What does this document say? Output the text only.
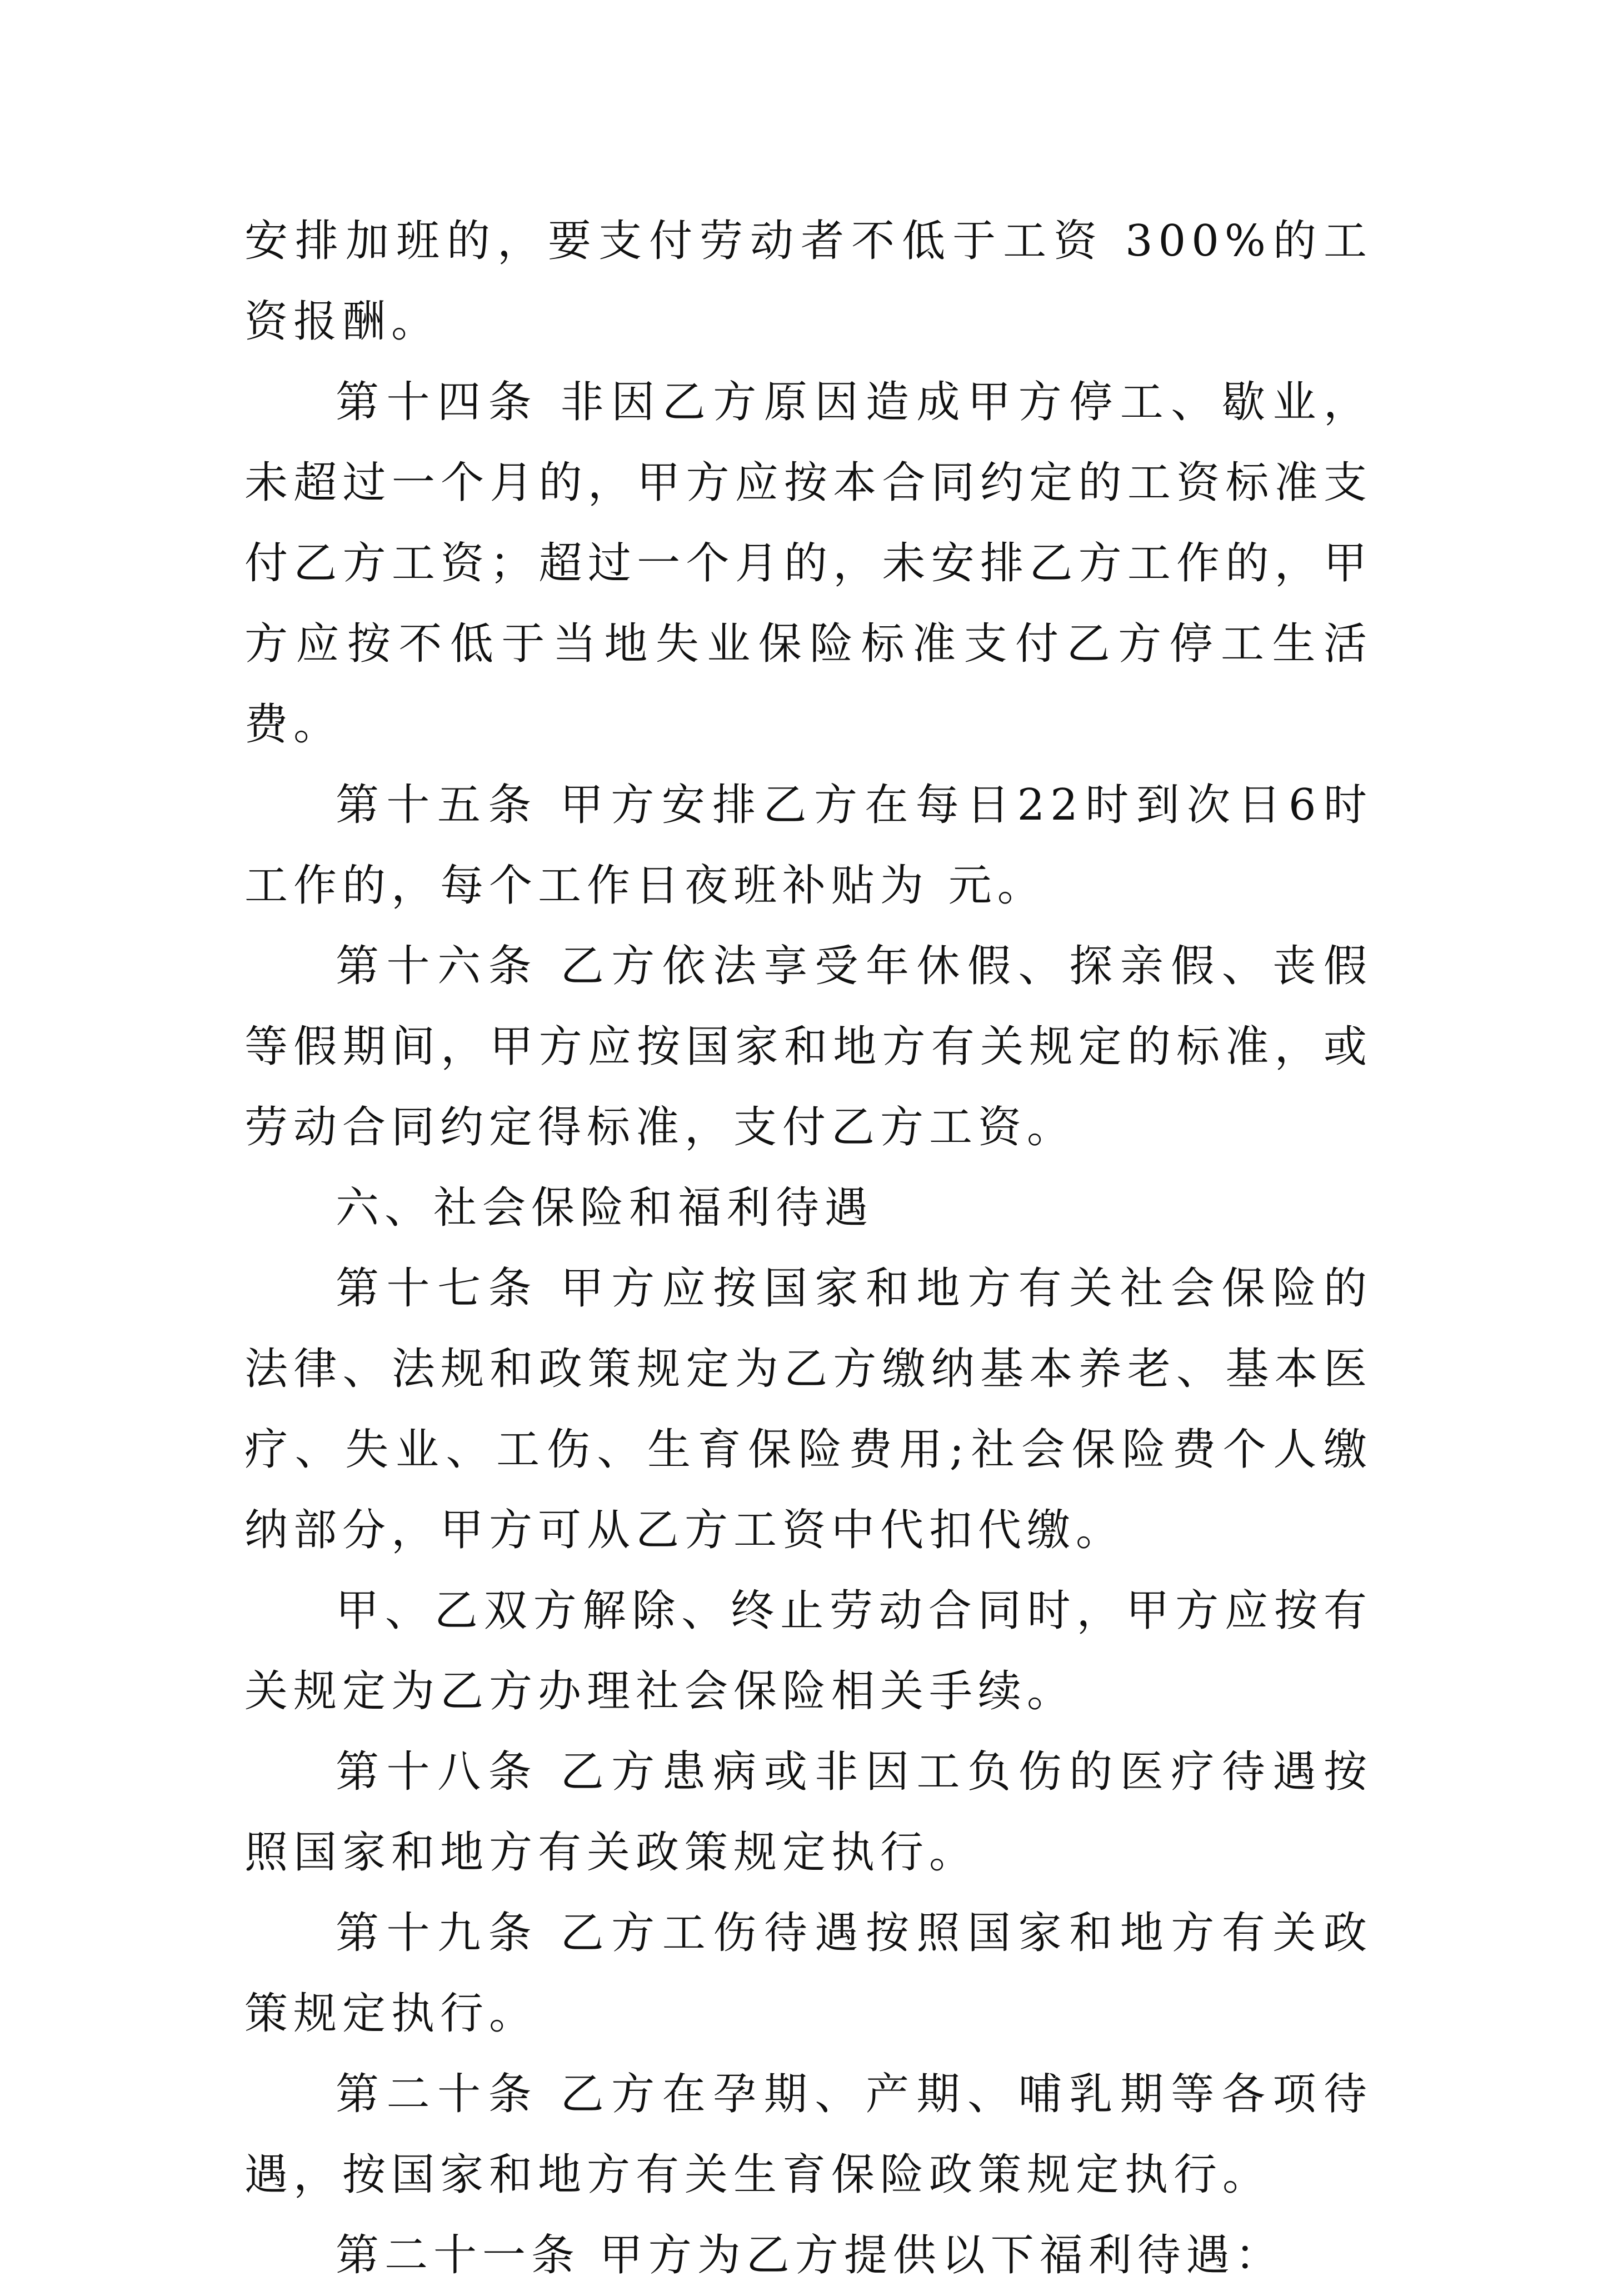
安排加班的，要支付劳动者不低于工资 300%的工资报酬。

第十四条 非因乙方原因造成甲方停工、歇业，未超过一个月的，甲方应按本合同约定的工资标准支付乙方工资；超过一个月的，未安排乙方工作的，甲方应按不低于当地失业保险标准支付乙方停工生活费。

第十五条 甲方安排乙方在每日22时到次日6时工作的，每个工作日夜班补贴为 元。

第十六条 乙方依法享受年休假、探亲假、丧假等假期间，甲方应按国家和地方有关规定的标准，或劳动合同约定得标准，支付乙方工资。

六、社会保险和福利待遇

第十七条 甲方应按国家和地方有关社会保险的法律、法规和政策规定为乙方缴纳基本养老、基本医疗、失业、工伤、生育保险费用;社会保险费个人缴纳部分，甲方可从乙方工资中代扣代缴。

甲、乙双方解除、终止劳动合同时，甲方应按有关规定为乙方办理社会保险相关手续。

第十八条 乙方患病或非因工负伤的医疗待遇按照国家和地方有关政策规定执行。

第十九条 乙方工伤待遇按照国家和地方有关政策规定执行。

第二十条 乙方在孕期、产期、哺乳期等各项待遇，按国家和地方有关生育保险政策规定执行。

第二十一条 甲方为乙方提供以下福利待遇：
